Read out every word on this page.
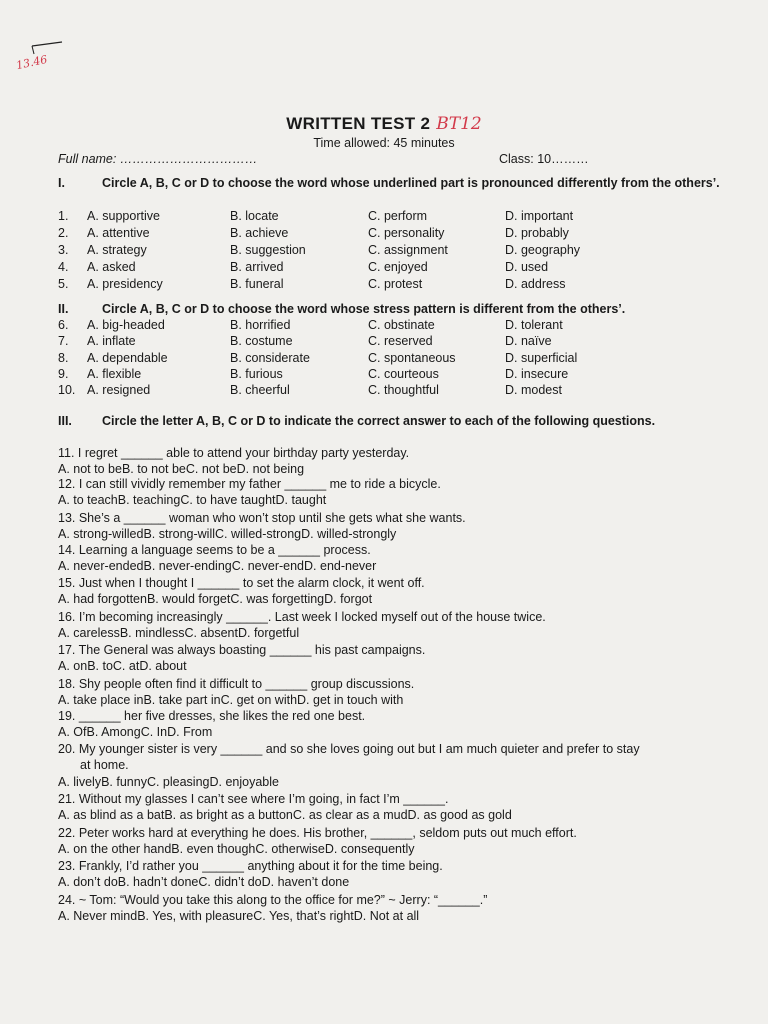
13.46
WRITTEN TEST 2 BT12
Time allowed: 45 minutes
Full name: ……………………………	Class: 10………
I.	Circle A, B, C or D to choose the word whose underlined part is pronounced differently from the others’.
1. A. supportive	B. locate	C. perform	D. important
2. A. attentive	B. achieve	C. personality	D. probably
3. A. strategy	B. suggestion	C. assignment	D. geography
4. A. asked	B. arrived	C. enjoyed	D. used
5. A. presidency	B. funeral	C. protest	D. address
II.	Circle A, B, C or D to choose the word whose stress pattern is different from the others’.
6. A. big-headed	B. horrified	C. obstinate	D. tolerant
7. A. inflate	B. costume	C. reserved	D. naïve
8. A. dependable	B. considerate	C. spontaneous	D. superficial
9. A. flexible	B. furious	C. courteous	D. insecure
10. A. resigned	B. cheerful	C. thoughtful	D. modest
III. Circle the letter A, B, C or D to indicate the correct answer to each of the following questions.
11. I regret ______ able to attend your birthday party yesterday.
A. not to beB. to not beC. not beD. not being
12. I can still vividly remember my father ______ me to ride a bicycle.
A. to teachB. teachingC. to have taughtD. taught
13. She’s a ______ woman who won’t stop until she gets what she wants.
A. strong-willedB. strong-willC. willed-strongD. willed-strongly
14. Learning a language seems to be a ______ process.
A. never-endedB. never-endingC. never-endD. end-never
15. Just when I thought I ______ to set the alarm clock, it went off.
A. had forgottenB. would forgetC. was forgettingD. forgot
16. I’m becoming increasingly ______. Last week I locked myself out of the house twice.
A. carelessB. mindlessC. absentD. forgetful
17. The General was always boasting ______ his past campaigns.
A. onB. toC. atD. about
18. Shy people often find it difficult to ______ group discussions.
A. take place inB. take part inC. get on withD. get in touch with
19. ______ her five dresses, she likes the red one best.
A. OfB. AmongC. InD. From
20. My younger sister is very ______ and so she loves going out but I am much quieter and prefer to stay
at home.
A. livelyB. funnyC. pleasingD. enjoyable
21. Without my glasses I can’t see where I’m going, in fact I’m ______.
A. as blind as a batB. as bright as a buttonC. as clear as a mudD. as good as gold
22. Peter works hard at everything he does. His brother, ______, seldom puts out much effort.
A. on the other handB. even thoughC. otherwiseD. consequently
23. Frankly, I’d rather you ______ anything about it for the time being.
A. don’t doB. hadn’t doneC. didn’t doD. haven’t done
24. ~ Tom: “Would you take this along to the office for me?” ~ Jerry: “______.”
A. Never mindB. Yes, with pleasureC. Yes, that’s rightD. Not at all
